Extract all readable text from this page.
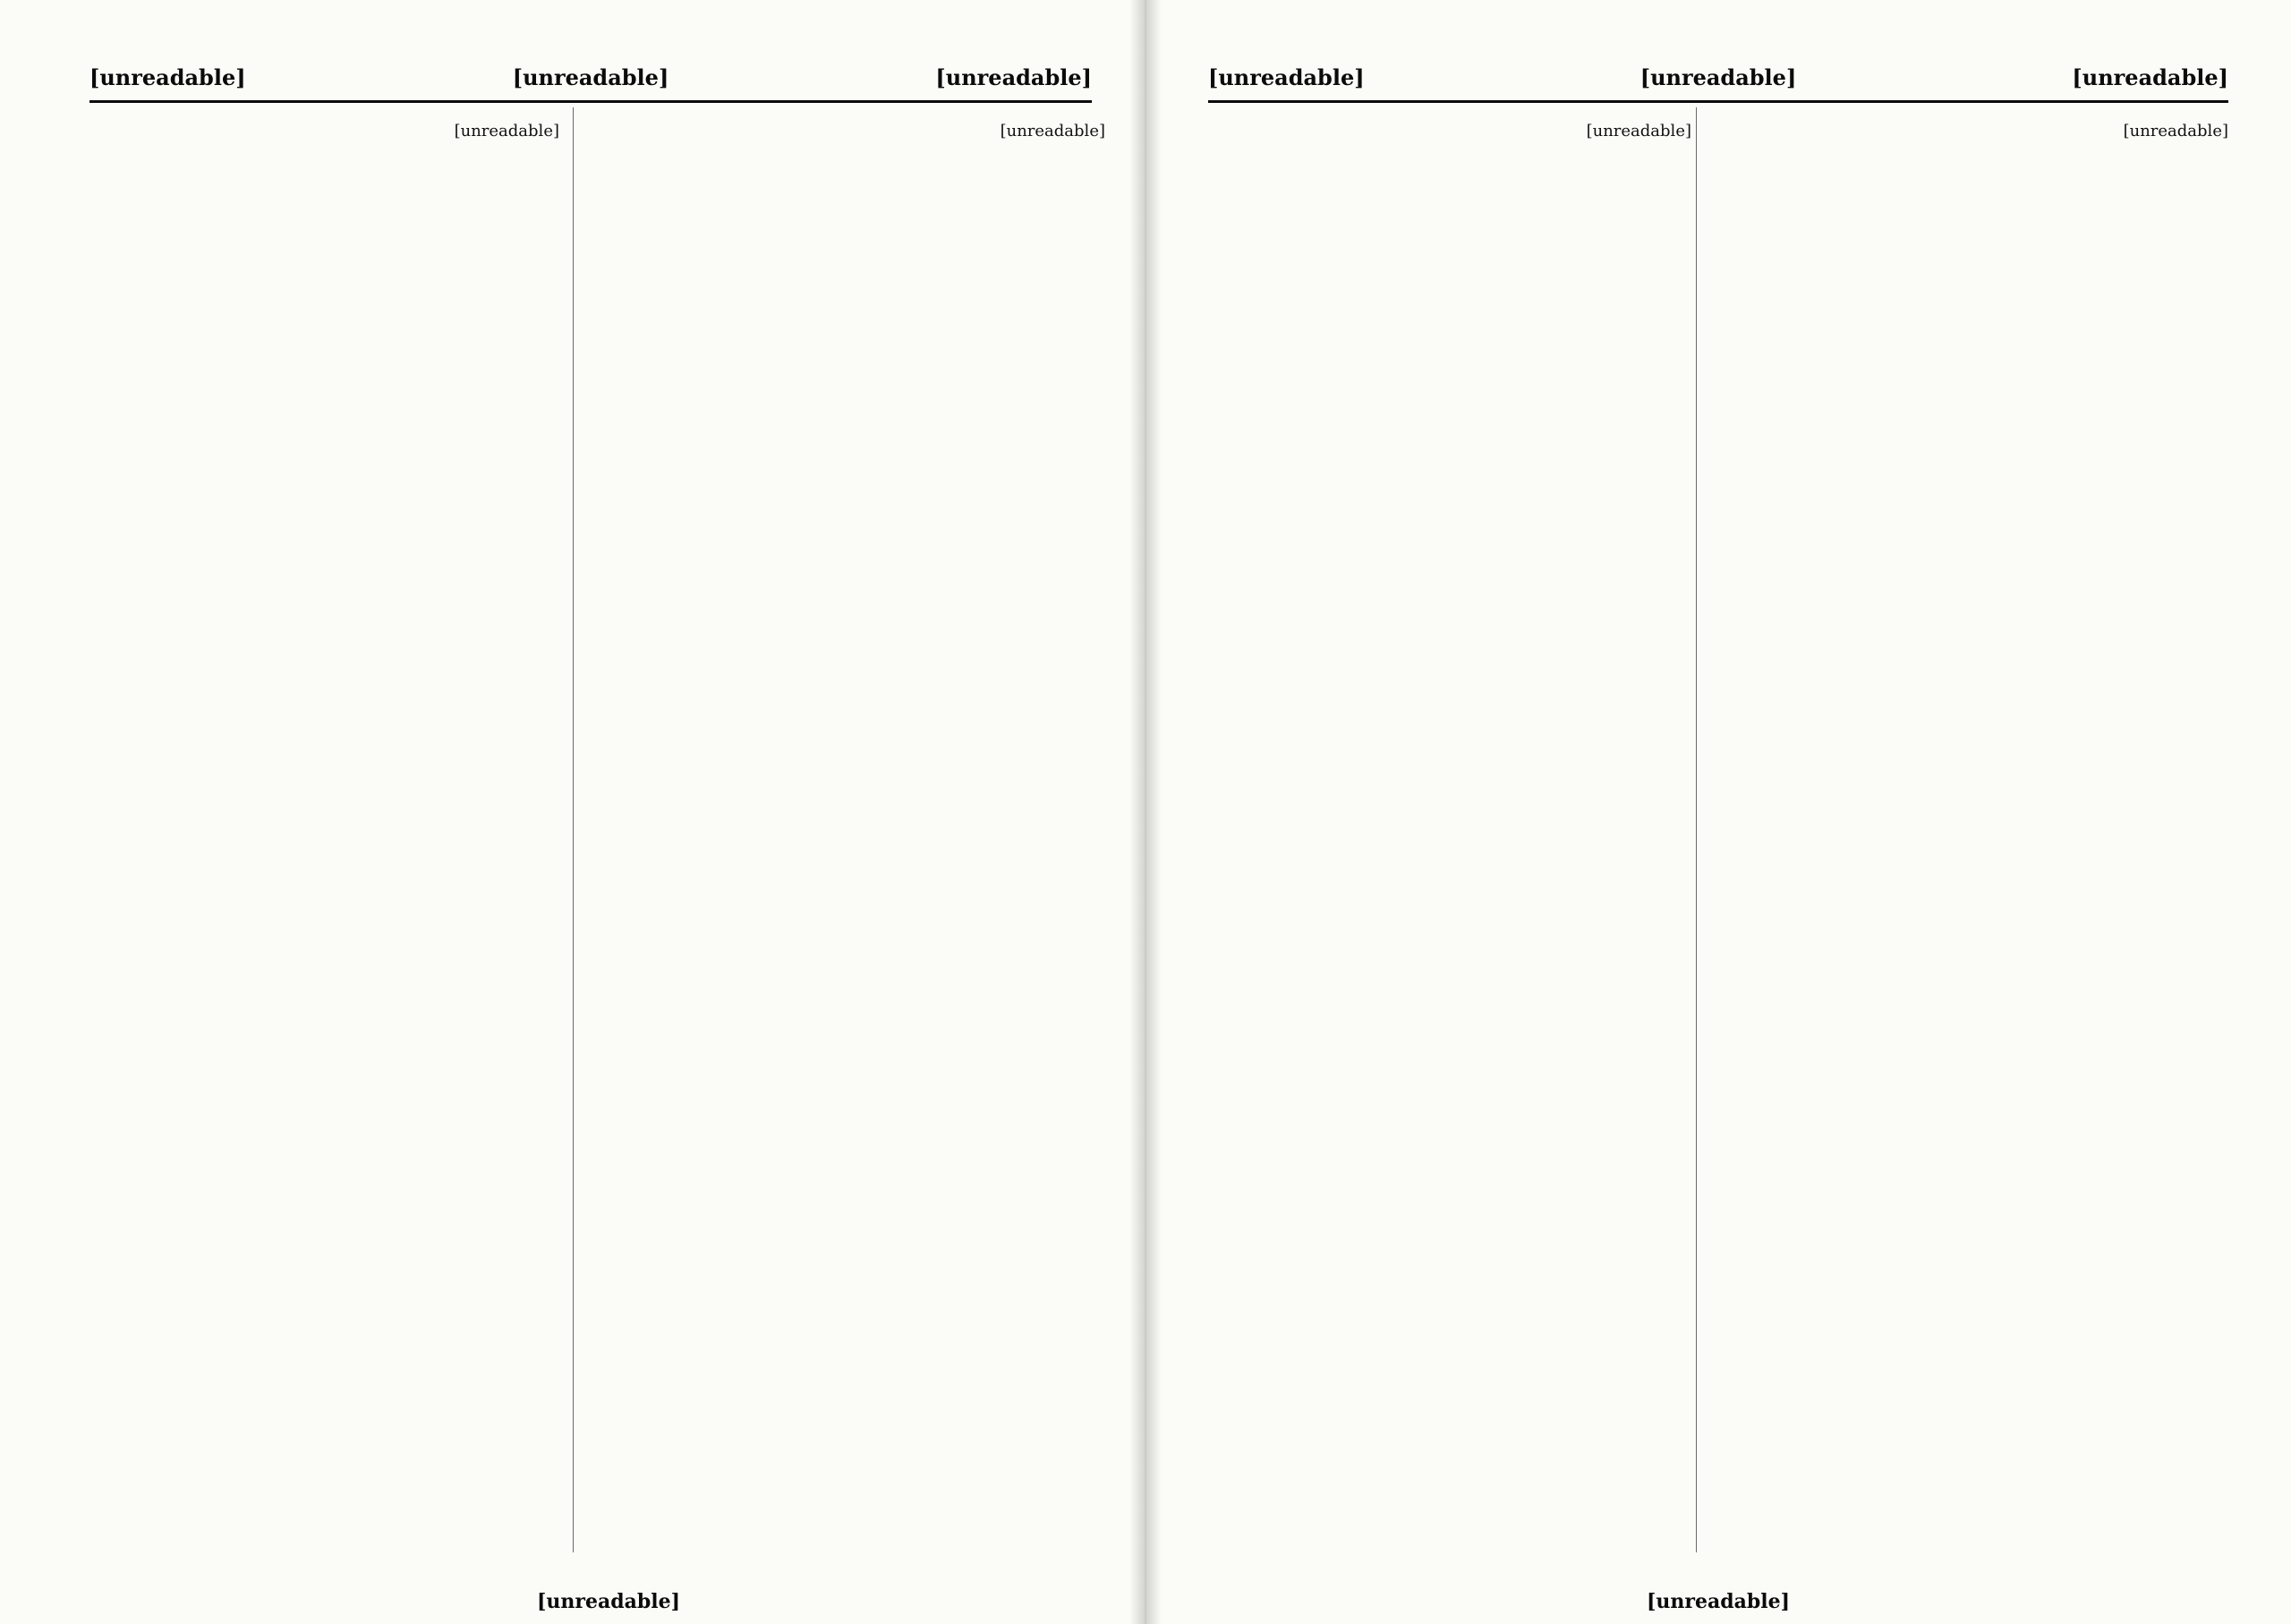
[unreadable]
[unreadable]
[unreadable]
[unreadable]
[unreadable]
[unreadable]
[unreadable]
[unreadable]
[unreadable]
[unreadable]
[unreadable]
[unreadable]
